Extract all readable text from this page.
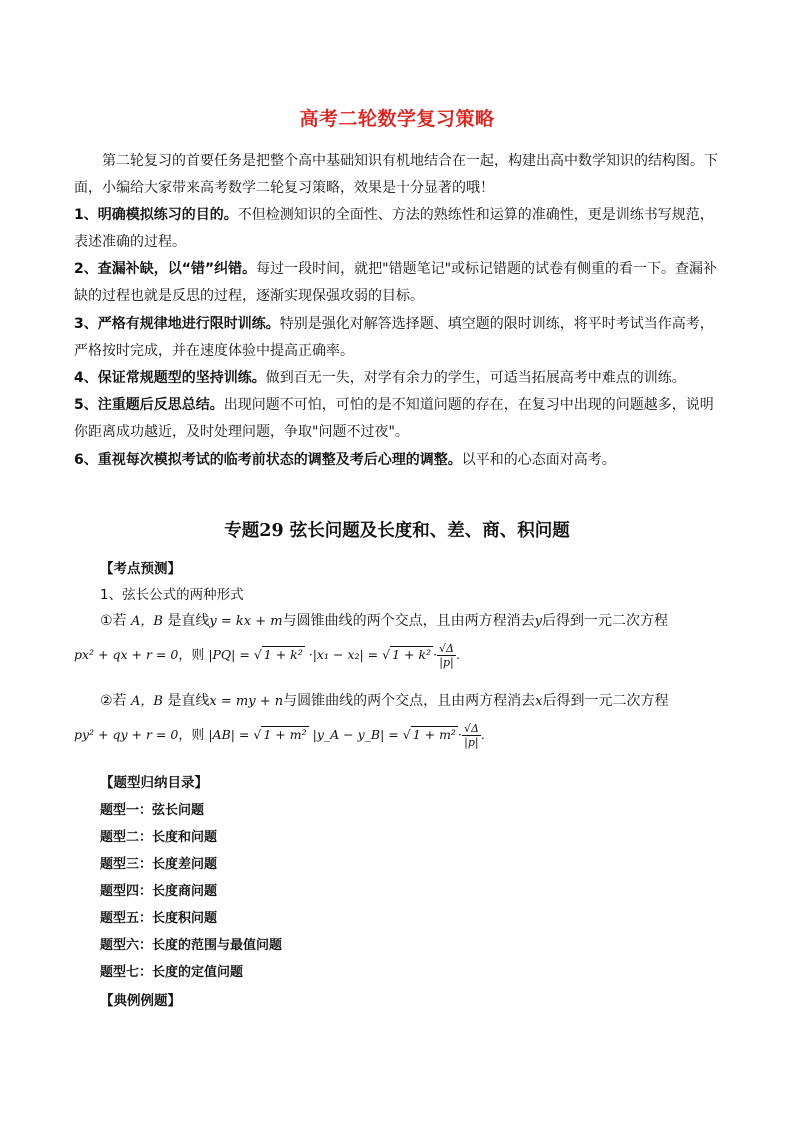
高考二轮数学复习策略
第二轮复习的首要任务是把整个高中基础知识有机地结合在一起，构建出高中数学知识的结构图。下面，小编给大家带来高考数学二轮复习策略，效果是十分显著的哦！
1、明确模拟练习的目的。不但检测知识的全面性、方法的熟练性和运算的准确性，更是训练书写规范，表述准确的过程。
2、查漏补缺，以“错”纠错。每过一段时间，就把"错题笔记"或标记错题的试卷有侧重的看一下。查漏补缺的过程也就是反思的过程，逐渐实现保强攻弱的目标。
3、严格有规律地进行限时训练。特别是强化对解答选择题、填空题的限时训练，将平时考试当作高考，严格按时完成，并在速度体验中提高正确率。
4、保证常规题型的坚持训练。做到百无一失，对学有余力的学生，可适当拓展高考中难点的训练。
5、注重题后反思总结。出现问题不可怕，可怕的是不知道问题的存在，在复习中出现的问题越多，说明你距离成功越近，及时处理问题，争取"问题不过夜"。
6、重视每次模拟考试的临考前状态的调整及考后心理的调整。以平和的心态面对高考。
专题29 弦长问题及长度和、差、商、积问题
【考点预测】
1、弦长公式的两种形式
①若 A，B 是直线y = kx + m与圆锥曲线的两个交点，且由两方程消去y后得到一元二次方程
px² + qx + r = 0，则 |PQ| = √ 1 + k² ·|x₁ − x₂| = √ $1 + k^2 \cdot \frac{√\Delta}{|p|}$ .
②若 A，B 是直线x = my + n与圆锥曲线的两个交点，且由两方程消去x后得到一元二次方程
py² + qy + r = 0，则 |AB| = √ 1 + m² |y_A − y_B| = √ $1 + m^2 \cdot \frac{√\Delta}{|p|}$ .
【题型归纳目录】
题型一：弦长问题
题型二：长度和问题
题型三：长度差问题
题型四：长度商问题
题型五：长度积问题
题型六：长度的范围与最值问题
题型七：长度的定值问题
【典例例题】
